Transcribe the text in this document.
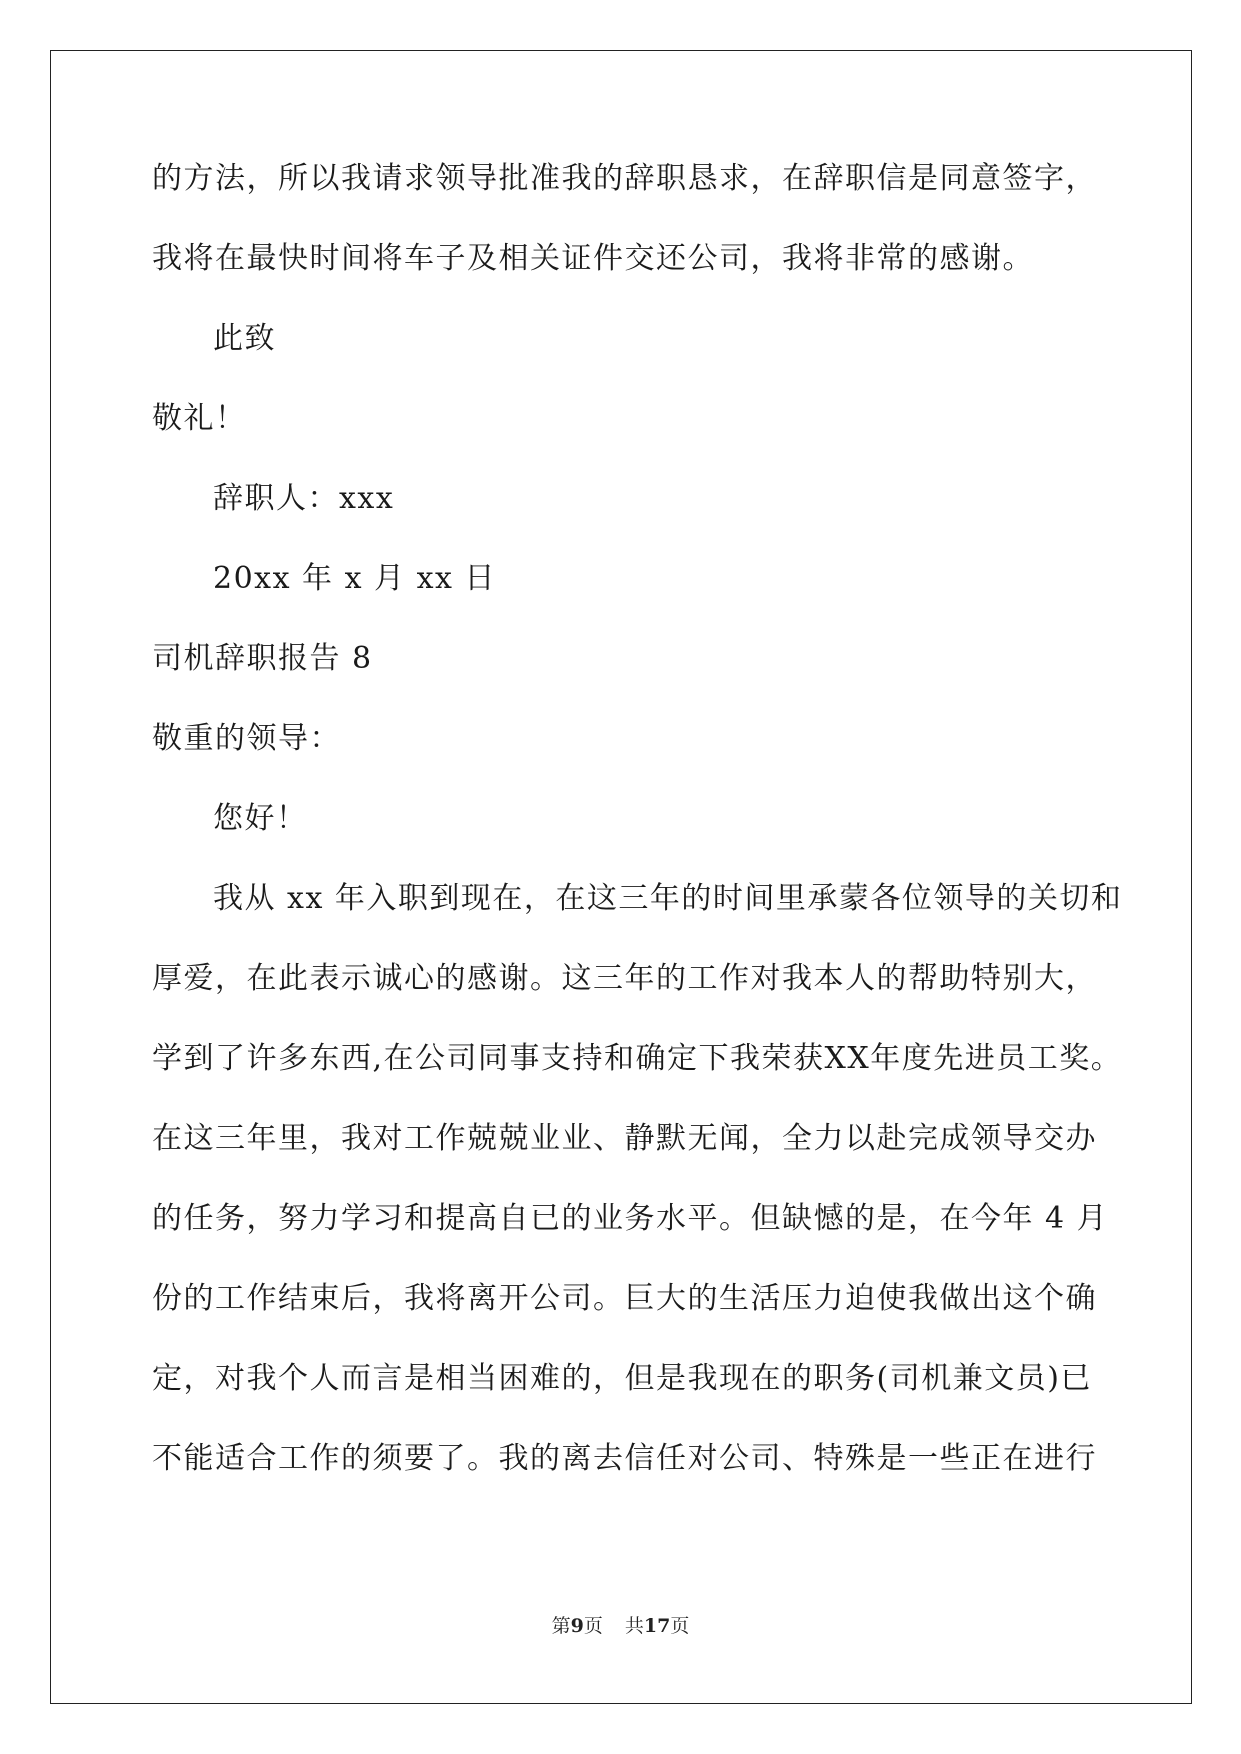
的方法，所以我请求领导批准我的辞职恳求，在辞职信是同意签字，
我将在最快时间将车子及相关证件交还公司，我将非常的感谢。
此致
敬礼！
辞职人：xxx
20xx 年 x 月 xx 日
司机辞职报告 8
敬重的领导：
您好！
我从 xx 年入职到现在，在这三年的时间里承蒙各位领导的关切和
厚爱，在此表示诚心的感谢。这三年的工作对我本人的帮助特别大，
学到了许多东西,在公司同事支持和确定下我荣获XX年度先进员工奖。
在这三年里，我对工作兢兢业业、静默无闻，全力以赴完成领导交办
的任务，努力学习和提高自已的业务水平。但缺憾的是，在今年 4 月
份的工作结束后，我将离开公司。巨大的生活压力迫使我做出这个确
定，对我个人而言是相当困难的，但是我现在的职务(司机兼文员)已
不能适合工作的须要了。我的离去信任对公司、特殊是一些正在进行
第9页 共17页
